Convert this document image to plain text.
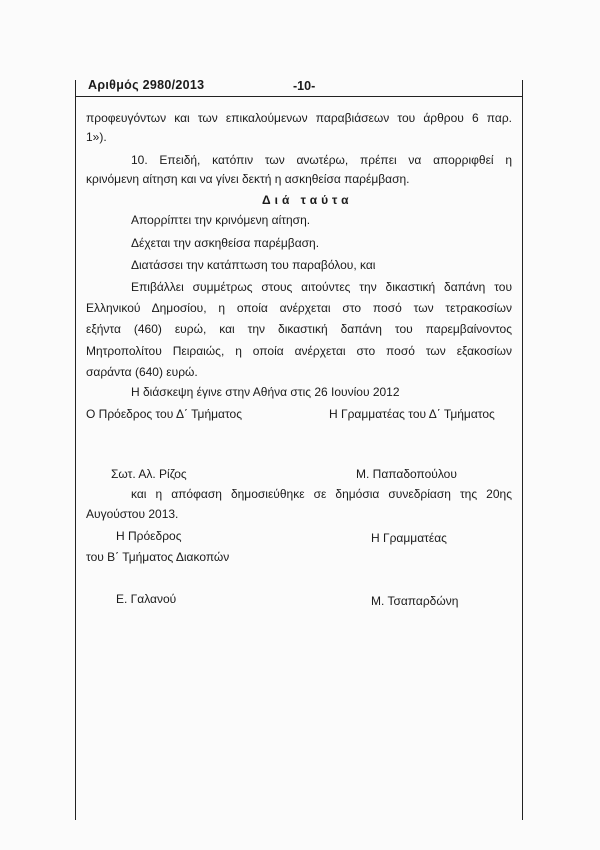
Αριθμός 2980/2013	-10-
προφευγόντων και των επικαλούμενων παραβιάσεων του άρθρου 6 παρ.
1»).
10. Επειδή, κατόπιν των ανωτέρω, πρέπει να απορριφθεί η
κρινόμενη αίτηση και να γίνει δεκτή η ασκηθείσα παρέμβαση.
Διά ταύτα
Απορρίπτει την κρινόμενη αίτηση.
Δέχεται την ασκηθείσα παρέμβαση.
Διατάσσει την κατάπτωση του παραβόλου, και
Επιβάλλει συμμέτρως στους αιτούντες την δικαστική δαπάνη του
Ελληνικού Δημοσίου, η οποία ανέρχεται στο ποσό των τετρακοσίων
εξήντα (460) ευρώ, και την δικαστική δαπάνη του παρεμβαίνοντος
Μητροπολίτου Πειραιώς, η οποία ανέρχεται στο ποσό των εξακοσίων
σαράντα (640) ευρώ.
Η διάσκεψη έγινε στην Αθήνα στις 26 Ιουνίου 2012
Ο Πρόεδρος του Δ΄ Τμήματος	Η Γραμματέας του Δ΄ Τμήματος
Σωτ. Αλ. Ρίζος	Μ. Παπαδοπούλου
και η απόφαση δημοσιεύθηκε σε δημόσια συνεδρίαση της 20ης
Αυγούστου 2013.
Η Πρόεδρος
του Β΄ Τμήματος Διακοπών
Η Γραμματέας
Ε. Γαλανού	Μ. Τσαπαρδώνη
